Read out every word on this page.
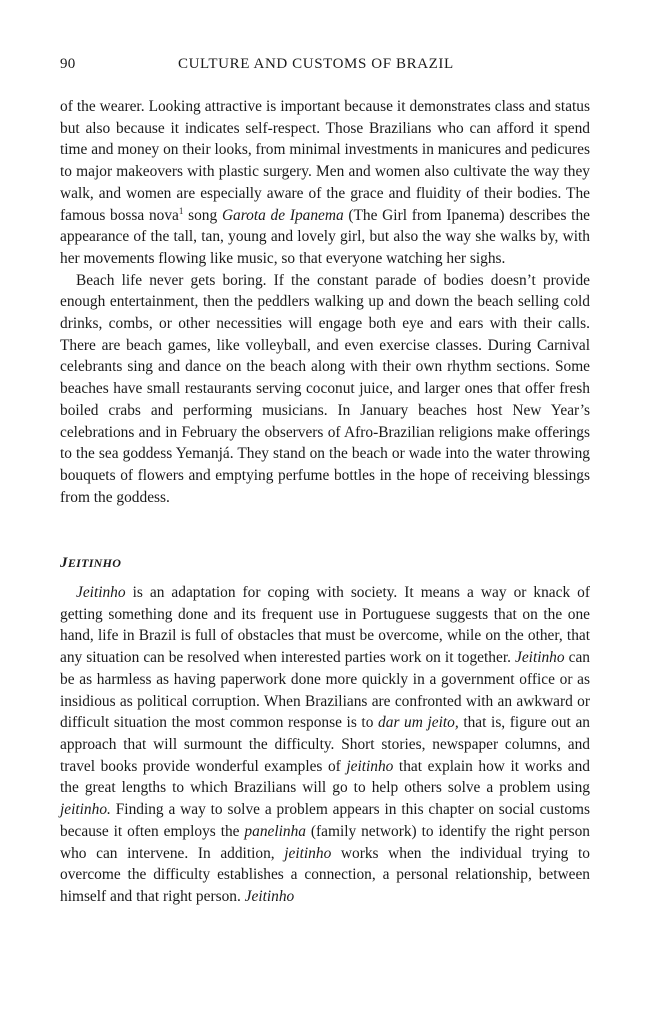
90	CULTURE AND CUSTOMS OF BRAZIL

of the wearer. Looking attractive is important because it demonstrates class and status but also because it indicates self-respect. Those Brazilians who can afford it spend time and money on their looks, from minimal investments in manicures and pedicures to major makeovers with plastic surgery. Men and women also cultivate the way they walk, and women are especially aware of the grace and fluidity of their bodies. The famous bossa nova$^1$ song Garota de Ipanema (The Girl from Ipanema) describes the appearance of the tall, tan, young and lovely girl, but also the way she walks by, with her movements flowing like music, so that everyone watching her sighs.

Beach life never gets boring. If the constant parade of bodies doesn’t provide enough entertainment, then the peddlers walking up and down the beach selling cold drinks, combs, or other necessities will engage both eye and ears with their calls. There are beach games, like volleyball, and even exercise classes. During Carnival celebrants sing and dance on the beach along with their own rhythm sections. Some beaches have small restaurants serving coconut juice, and larger ones that offer fresh boiled crabs and performing musicians. In January beaches host New Year’s celebrations and in February the observers of Afro-Brazilian religions make offerings to the sea goddess Yemanjá. They stand on the beach or wade into the water throwing bouquets of flowers and emptying perfume bottles in the hope of receiving blessings from the goddess.

JEITINHO

Jeitinho is an adaptation for coping with society. It means a way or knack of getting something done and its frequent use in Portuguese suggests that on the one hand, life in Brazil is full of obstacles that must be overcome, while on the other, that any situation can be resolved when interested parties work on it together. Jeitinho can be as harmless as having paperwork done more quickly in a government office or as insidious as political corruption. When Brazilians are confronted with an awkward or difficult situation the most common response is to dar um jeito, that is, figure out an approach that will surmount the difficulty. Short stories, newspaper columns, and travel books provide wonderful examples of jeitinho that explain how it works and the great lengths to which Brazilians will go to help others solve a problem using jeitinho. Finding a way to solve a problem appears in this chapter on social customs because it often employs the panelinha (family network) to identify the right person who can intervene. In addition, jeitinho works when the individual trying to overcome the difficulty establishes a connection, a personal relationship, between himself and that right person. Jeitinho
